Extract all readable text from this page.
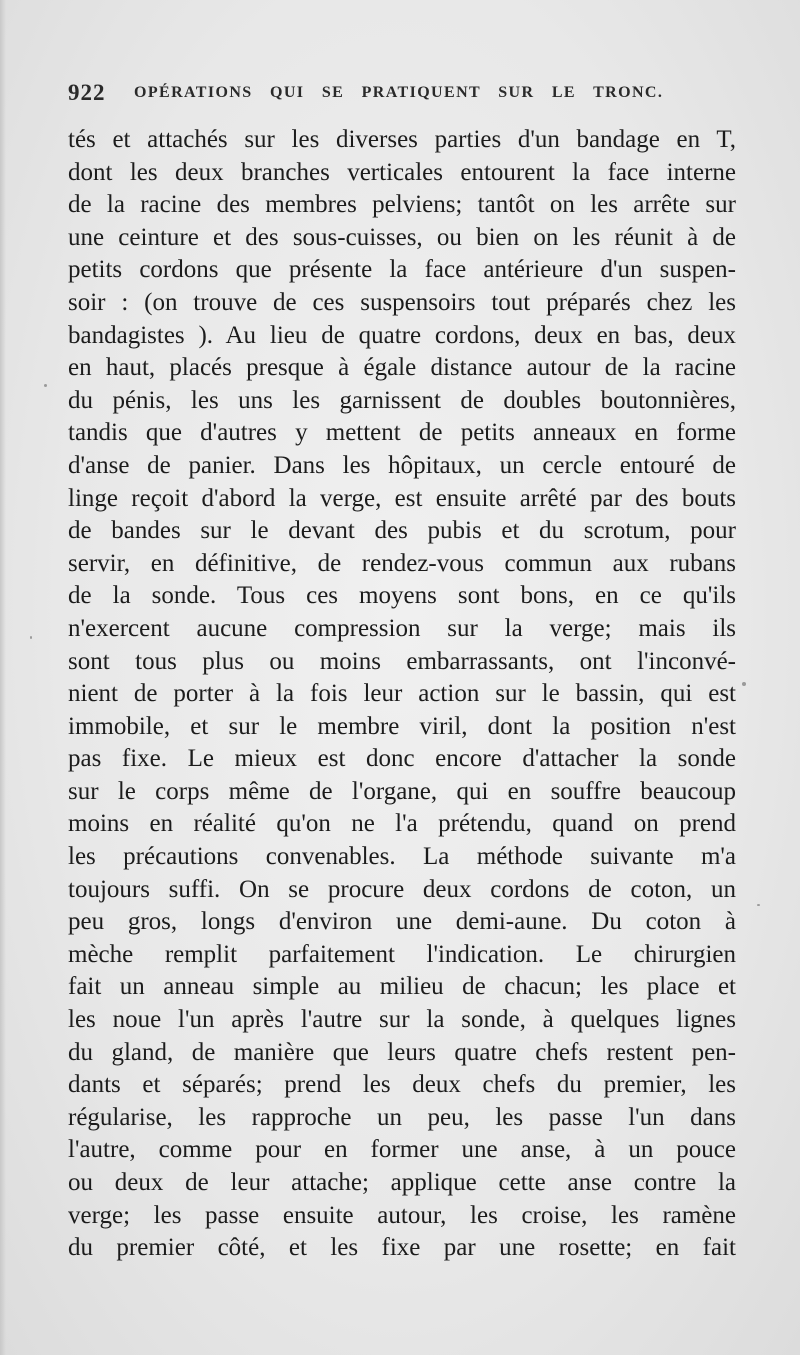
922 OPÉRATIONS QUI SE PRATIQUENT SUR LE TRONC.
tés et attachés sur les diverses parties d'un bandage en T,
dont les deux branches verticales entourent la face interne
de la racine des membres pelviens; tantôt on les arrête sur
une ceinture et des sous-cuisses, ou bien on les réunit à de
petits cordons que présente la face antérieure d'un suspen-
soir : (on trouve de ces suspensoirs tout préparés chez les
bandagistes ). Au lieu de quatre cordons, deux en bas, deux
en haut, placés presque à égale distance autour de la racine
du pénis, les uns les garnissent de doubles boutonnières,
tandis que d'autres y mettent de petits anneaux en forme
d'anse de panier. Dans les hôpitaux, un cercle entouré de
linge reçoit d'abord la verge, est ensuite arrêté par des bouts
de bandes sur le devant des pubis et du scrotum, pour
servir, en définitive, de rendez-vous commun aux rubans
de la sonde. Tous ces moyens sont bons, en ce qu'ils
n'exercent aucune compression sur la verge; mais ils
sont tous plus ou moins embarrassants, ont l'inconvé-
nient de porter à la fois leur action sur le bassin, qui est
immobile, et sur le membre viril, dont la position n'est
pas fixe. Le mieux est donc encore d'attacher la sonde
sur le corps même de l'organe, qui en souffre beaucoup
moins en réalité qu'on ne l'a prétendu, quand on prend
les précautions convenables. La méthode suivante m'a
toujours suffi. On se procure deux cordons de coton, un
peu gros, longs d'environ une demi-aune. Du coton à
mèche remplit parfaitement l'indication. Le chirurgien
fait un anneau simple au milieu de chacun; les place et
les noue l'un après l'autre sur la sonde, à quelques lignes
du gland, de manière que leurs quatre chefs restent pen-
dants et séparés; prend les deux chefs du premier, les
régularise, les rapproche un peu, les passe l'un dans
l'autre, comme pour en former une anse, à un pouce
ou deux de leur attache; applique cette anse contre la
verge; les passe ensuite autour, les croise, les ramène
du premier côté, et les fixe par une rosette; en fait
